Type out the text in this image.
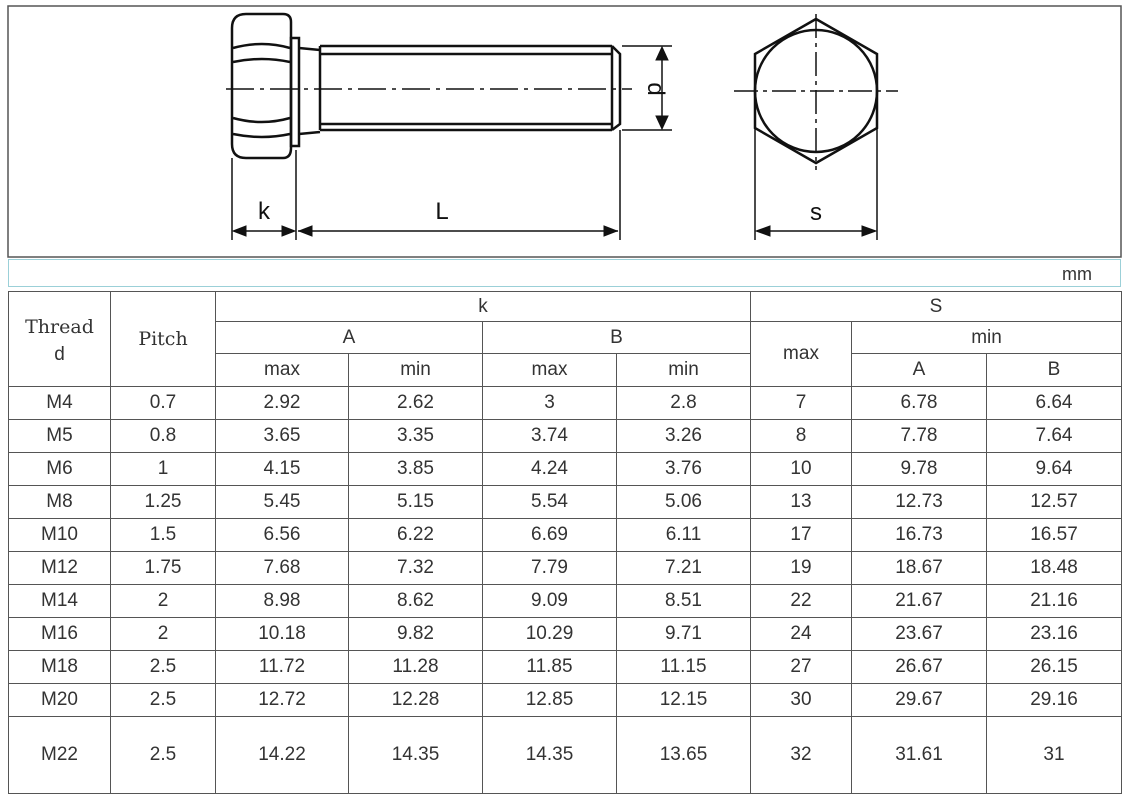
k	L
d
s
mm
Thread
d	Pitch	k				S		
		A		B		max	min	
		max	min	max	min		A	B
M4	0.7	2.92	2.62	3	2.8	7	6.78	6.64
M5	0.8	3.65	3.35	3.74	3.26	8	7.78	7.64
M6	1	4.15	3.85	4.24	3.76	10	9.78	9.64
M8	1.25	5.45	5.15	5.54	5.06	13	12.73	12.57
M10	1.5	6.56	6.22	6.69	6.11	17	16.73	16.57
M12	1.75	7.68	7.32	7.79	7.21	19	18.67	18.48
M14	2	8.98	8.62	9.09	8.51	22	21.67	21.16
M16	2	10.18	9.82	10.29	9.71	24	23.67	23.16
M18	2.5	11.72	11.28	11.85	11.15	27	26.67	26.15
M20	2.5	12.72	12.28	12.85	12.15	30	29.67	29.16
M22	2.5	14.22	14.35	14.35	13.65	32	31.61	31
